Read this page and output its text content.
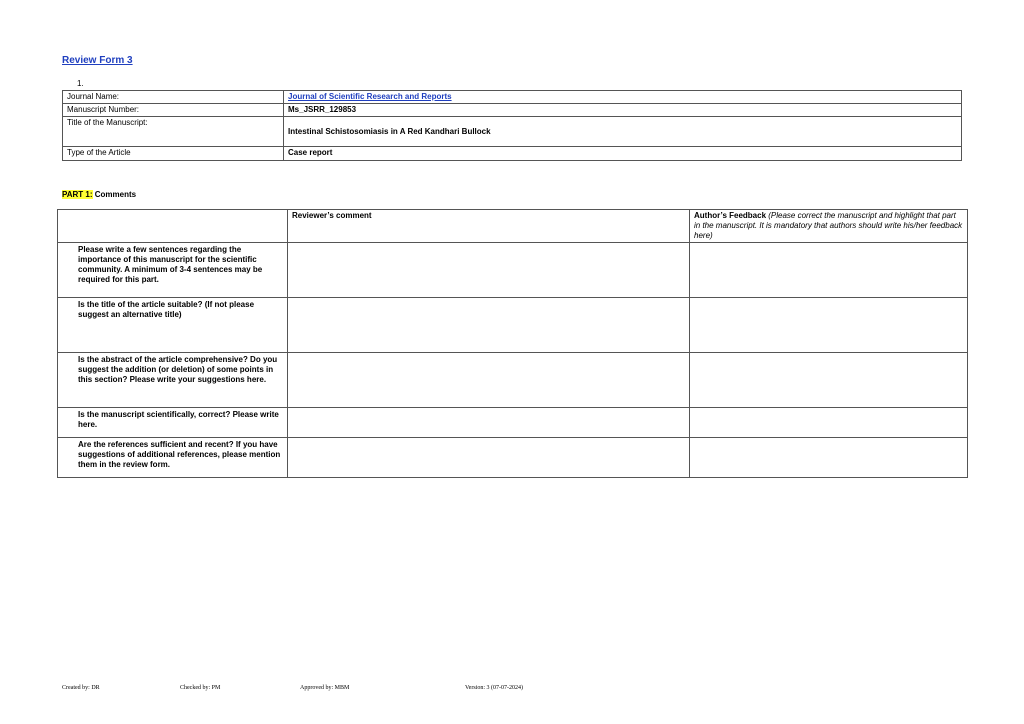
Review Form 3
1.
Journal Name:	Journal of Scientific Research and Reports
Manuscript Number:	Ms_JSRR_129853
Title of the Manuscript:	Intestinal Schistosomiasis in A Red Kandhari Bullock
Type of the Article	Case report
PART 1: Comments
	Reviewer’s comment	Author’s Feedback (Please correct the manuscript and highlight that part in the manuscript. It is mandatory that authors should write his/her feedback here)
Please write a few sentences regarding the importance of this manuscript for the scientific community. A minimum of 3-4 sentences may be required for this part.		
Is the title of the article suitable? (If not please suggest an alternative title)		
Is the abstract of the article comprehensive? Do you suggest the addition (or deletion) of some points in this section? Please write your suggestions here.		
Is the manuscript scientifically, correct? Please write here.		
Are the references sufficient and recent? If you have suggestions of additional references, please mention them in the review form.		
Created by: DR	Checked by: PM	Approved by: MBM	Version: 3 (07-07-2024)
